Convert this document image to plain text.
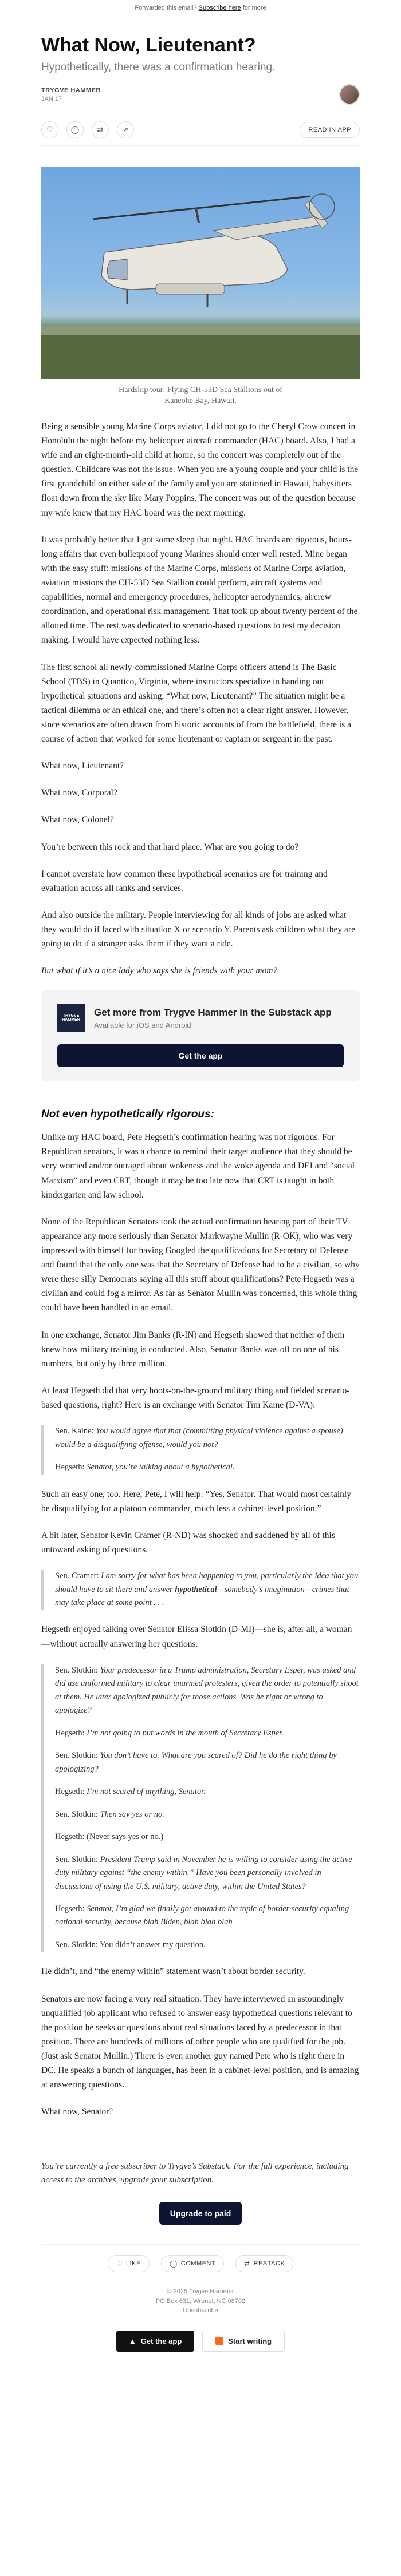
Forwarded this email? Subscribe here for more
What Now, Lieutenant?
Hypothetically, there was a confirmation hearing.
TRYGVE HAMMER
JAN 17
♡	◯	⇄	↗	READ IN APP
Hardship tour: Flying CH-53D Sea Stallions out of Kaneohe Bay, Hawaii.

Being a sensible young Marine Corps aviator, I did not go to the Cheryl Crow concert in Honolulu the night before my helicopter aircraft commander (HAC) board. Also, I had a wife and an eight-month-old child at home, so the concert was completely out of the question. Childcare was not the issue. When you are a young couple and your child is the first grandchild on either side of the family and you are stationed in Hawaii, babysitters float down from the sky like Mary Poppins. The concert was out of the question because my wife knew that my HAC board was the next morning.

It was probably better that I got some sleep that night. HAC boards are rigorous, hours-long affairs that even bulletproof young Marines should enter well rested. Mine began with the easy stuff: missions of the Marine Corps, missions of Marine Corps aviation, aviation missions the CH-53D Sea Stallion could perform, aircraft systems and capabilities, normal and emergency procedures, helicopter aerodynamics, aircrew coordination, and operational risk management. That took up about twenty percent of the allotted time. The rest was dedicated to scenario-based questions to test my decision making. I would have expected nothing less.

The first school all newly-commissioned Marine Corps officers attend is The Basic School (TBS) in Quantico, Virginia, where instructors specialize in handing out hypothetical situations and asking, “What now, Lieutenant?” The situation might be a tactical dilemma or an ethical one, and there’s often not a clear right answer. However, since scenarios are often drawn from historic accounts of from the battlefield, there is a course of action that worked for some lieutenant or captain or sergeant in the past.

What now, Lieutenant?

What now, Corporal?

What now, Colonel?

You’re between this rock and that hard place. What are you going to do?

I cannot overstate how common these hypothetical scenarios are for training and evaluation across all ranks and services.

And also outside the military. People interviewing for all kinds of jobs are asked what they would do if faced with situation X or scenario Y. Parents ask children what they are going to do if a stranger asks them if they want a ride.

But what if it’s a nice lady who says she is friends with your mom?

TRYGVE HAMMER
Get more from Trygve Hammer in the Substack app
Available for iOS and Android
Get the app
Not even hypothetically rigorous:

Unlike my HAC board, Pete Hegseth’s confirmation hearing was not rigorous. For Republican senators, it was a chance to remind their target audience that they should be very worried and/or outraged about wokeness and the woke agenda and DEI and “social Marxism” and even CRT, though it may be too late now that CRT is taught in both kindergarten and law school.

None of the Republican Senators took the actual confirmation hearing part of their TV appearance any more seriously than Senator Markwayne Mullin (R-OK), who was very impressed with himself for having Googled the qualifications for Secretary of Defense and found that the only one was that the Secretary of Defense had to be a civilian, so why were these silly Democrats saying all this stuff about qualifications? Pete Hegseth was a civilian and could fog a mirror. As far as Senator Mullin was concerned, this whole thing could have been handled in an email.

In one exchange, Senator Jim Banks (R-IN) and Hegseth showed that neither of them knew how military training is conducted. Also, Senator Banks was off on one of his numbers, but only by three million.

At least Hegseth did that very hoots-on-the-ground military thing and fielded scenario-based questions, right? Here is an exchange with Senator Tim Kaine (D-VA):

Sen. Kaine: You would agree that that (committing physical violence against a spouse) would be a disqualifying offense, would you not?

Hegseth: Senator, you’re talking about a hypothetical.

Such an easy one, too. Here, Pete, I will help: “Yes, Senator. That would most certainly be disqualifying for a platoon commander, much less a cabinet-level position.”

A bit later, Senator Kevin Cramer (R-ND) was shocked and saddened by all of this untoward asking of questions.

Sen. Cramer: I am sorry for what has been happening to you, particularly the idea that you should have to sit there and answer hypothetical—somebody’s imagination—crimes that may take place at some point . . .

Hegseth enjoyed talking over Senator Elissa Slotkin (D-MI)—she is, after all, a woman—without actually answering her questions.

Sen. Slotkin: Your predecessor in a Trump administration, Secretary Esper, was asked and did use uniformed military to clear unarmed protesters, given the order to potentially shoot at them. He later apologized publicly for those actions. Was he right or wrong to apologize?

Hegseth: I’m not going to put words in the mouth of Secretary Esper.

Sen. Slotkin: You don’t have to. What are you scared of? Did he do the right thing by apologizing?

Hegseth: I’m not scared of anything, Senator.

Sen. Slotkin: Then say yes or no.

Hegseth: (Never says yes or no.)

Sen. Slotkin: President Trump said in November he is willing to consider using the active duty military against “the enemy within.” Have you been personally involved in discussions of using the U.S. military, active duty, within the United States?

Hegseth: Senator, I’m glad we finally got around to the topic of border security equaling national security, because blah Biden, blah blah blah

Sen. Slotkin: You didn’t answer my question.

He didn’t, and “the enemy within” statement wasn’t about border security.

Senators are now facing a very real situation. They have interviewed an astoundingly unqualified job applicant who refused to answer easy hypothetical questions relevant to the position he seeks or questions about real situations faced by a predecessor in that position. There are hundreds of millions of other people who are qualified for the job. (Just ask Senator Mullin.) There is even another guy named Pete who is right there in DC. He speaks a bunch of languages, has been in a cabinet-level position, and is amazing at answering questions.

What now, Senator?

You’re currently a free subscriber to Trygve’s Substack. For the full experience, including access to the archives, upgrade your subscription.
Upgrade to paid
♡ LIKE	◯ COMMENT	⇄ RESTACK
© 2025 Trygve Hammer
PO Box 631, Wrenet, NC 08702
Unsubscribe
▲ Get the app	Start writing
